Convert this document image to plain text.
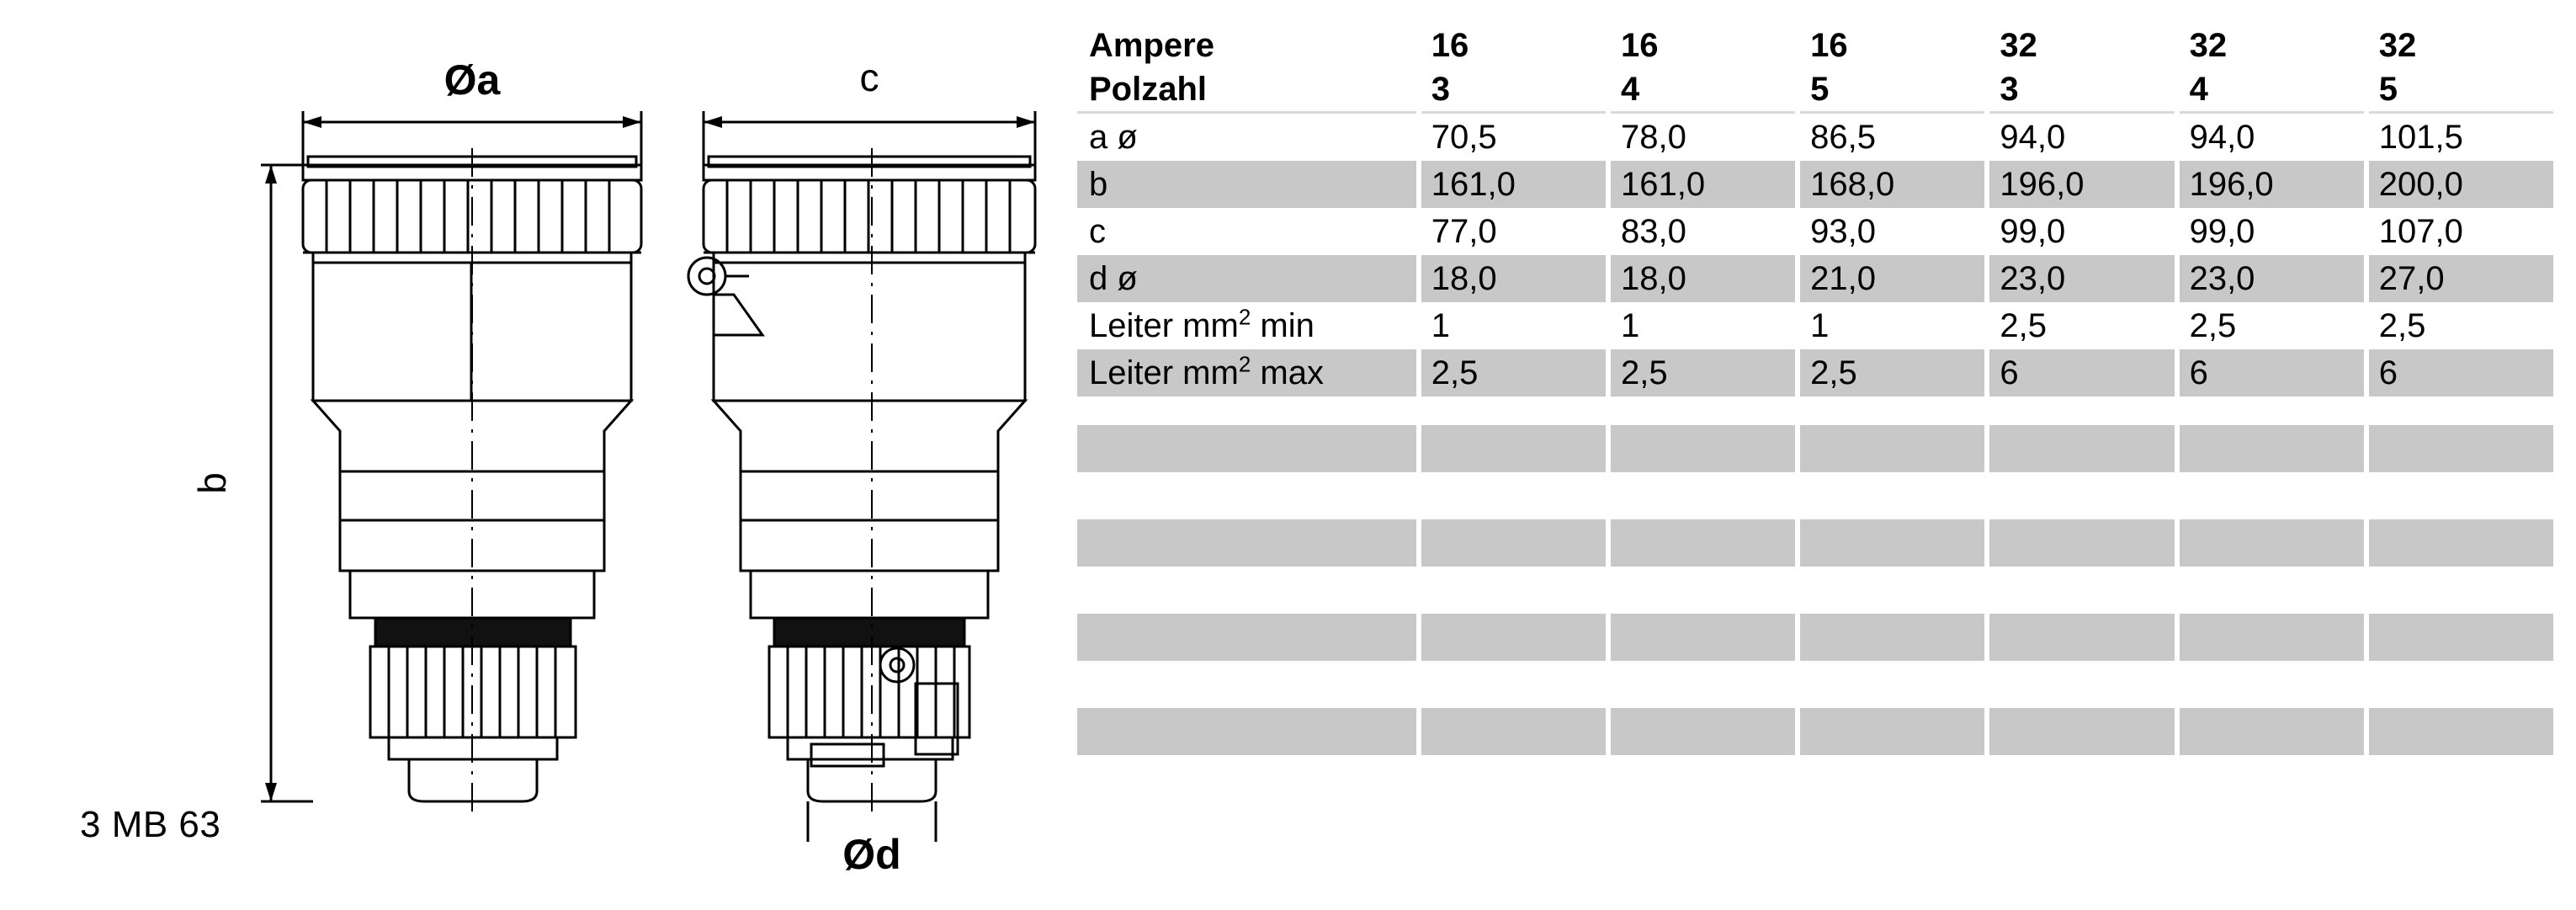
Øa	c
b
Ød
3 MB 63
Ampere	16	16	16	32	32	32
Polzahl	3	4	5	3	4	5
a ø	70,5	78,0	86,5	94,0	94,0	101,5
b	161,0	161,0	168,0	196,0	196,0	200,0
c	77,0	83,0	93,0	99,0	99,0	107,0
d ø	18,0	18,0	21,0	23,0	23,0	27,0
Leiter $mm^2$ min	1	1	1	2,5	2,5	2,5
Leiter $mm^2$ max	2,5	2,5	2,5	6	6	6
